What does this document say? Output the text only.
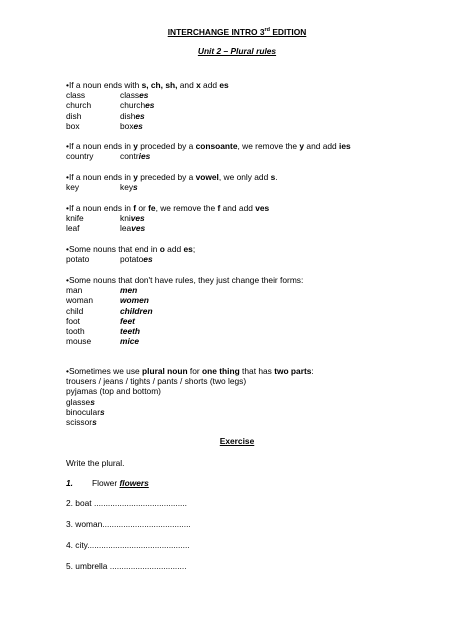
INTERCHANGE INTRO 3rd EDITION
Unit 2 – Plural rules
•If a noun ends with s, ch, sh, and x add es
class	classes
church	churches
dish	dishes
box	boxes
•If a noun ends in y proceded by a consoante, we remove the y and add ies
country	contries
•If a noun ends in y preceded by a vowel, we only add s.
key	keys
•If a noun ends in f or fe, we remove the f and add ves
knife	knives
leaf	leaves
•Some nouns that end in o add es;
potato	potatoes
•Some nouns that don't have rules, they just change their forms:
man	men
woman	women
child	children
foot	feet
tooth	teeth
mouse	mice
•Sometimes we use plural noun for one thing that has two parts:
trousers / jeans / tights / pants / shorts (two legs)
pyjamas (top and bottom)
glasses
binoculars
scissors
Exercise
Write the plural.
1. Flower flowers
2. boat ........................................
3. woman......................................
4. city............................................
5. umbrella .................................
